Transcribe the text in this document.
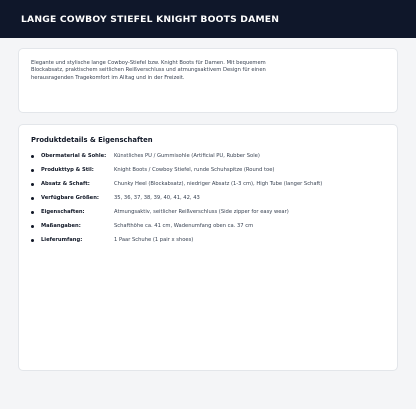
LANGE COWBOY STIEFEL KNIGHT BOOTS DAMEN

Elegante und stylische lange Cowboy-Stiefel bzw. Knight Boots für Damen. Mit bequemem
Blockabsatz, praktischem seitlichen Reißverschluss und atmungsaktivem Design für einen
herausragenden Tragekomfort im Alltag und in der Freizeit.

Produktdetails & Eigenschaften
Obermaterial & Sohle:	Künstliches PU / Gummisohle (Artificial PU, Rubber Sole)
Produkttyp & Stil:	Knight Boots / Cowboy Stiefel, runde Schuhspitze (Round toe)
Absatz & Schaft:	Chunky Heel (Blockabsatz), niedriger Absatz (1-3 cm), High Tube (langer Schaft)
Verfügbare Größen:	35, 36, 37, 38, 39, 40, 41, 42, 43
Eigenschaften:	Atmungsaktiv, seitlicher Reißverschluss (Side zipper for easy wear)
Maßangaben:	Schafthöhe ca. 41 cm, Wadenumfang oben ca. 37 cm
Lieferumfang:	1 Paar Schuhe (1 pair x shoes)
